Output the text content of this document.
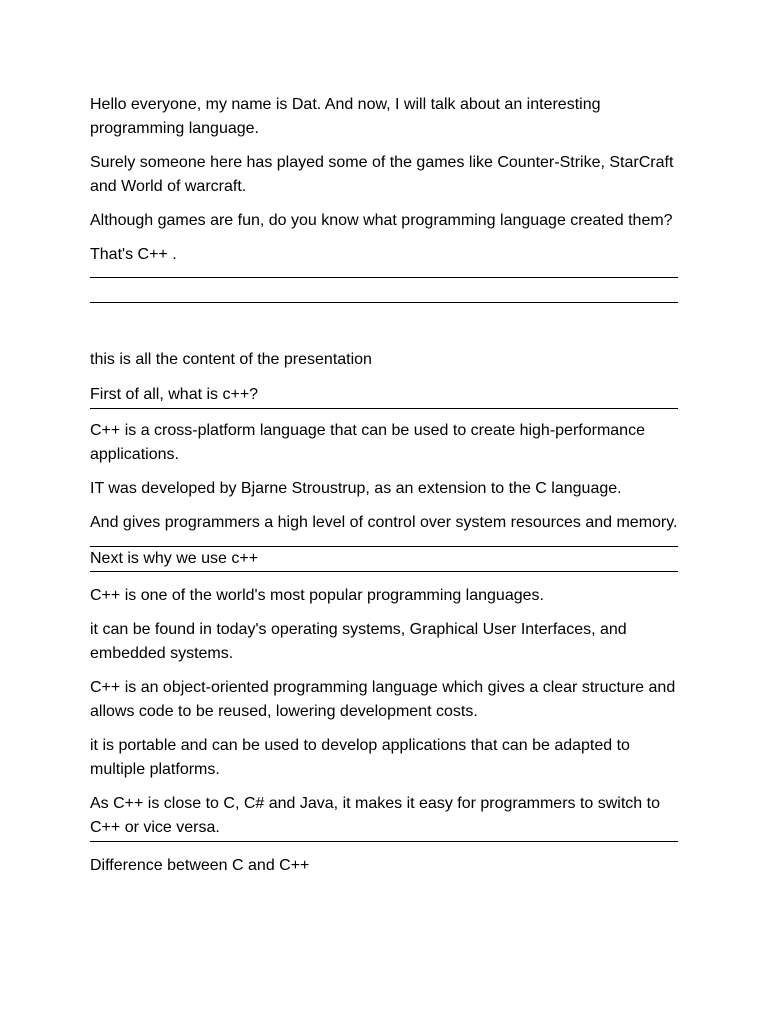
Hello everyone, my name is Dat. And now, I will talk about an interesting programming language.

Surely someone here has played some of the games like Counter-Strike, StarCraft and World of warcraft.

Although games are fun, do you know what programming language created them?

That's C++ .

this is all the content of the presentation

First of all, what is c++?

C++ is a cross-platform language that can be used to create high-performance applications.

IT was developed by Bjarne Stroustrup, as an extension to the C language.

And gives programmers a high level of control over system resources and memory.

Next is why we use c++

C++ is one of the world's most popular programming languages.

it can be found in today's operating systems, Graphical User Interfaces, and embedded systems.

C++ is an object-oriented programming language which gives a clear structure and allows code to be reused, lowering development costs.

it is portable and can be used to develop applications that can be adapted to multiple platforms.

As C++ is close to C, C# and Java, it makes it easy for programmers to switch to C++ or vice versa.

Difference between C and C++
